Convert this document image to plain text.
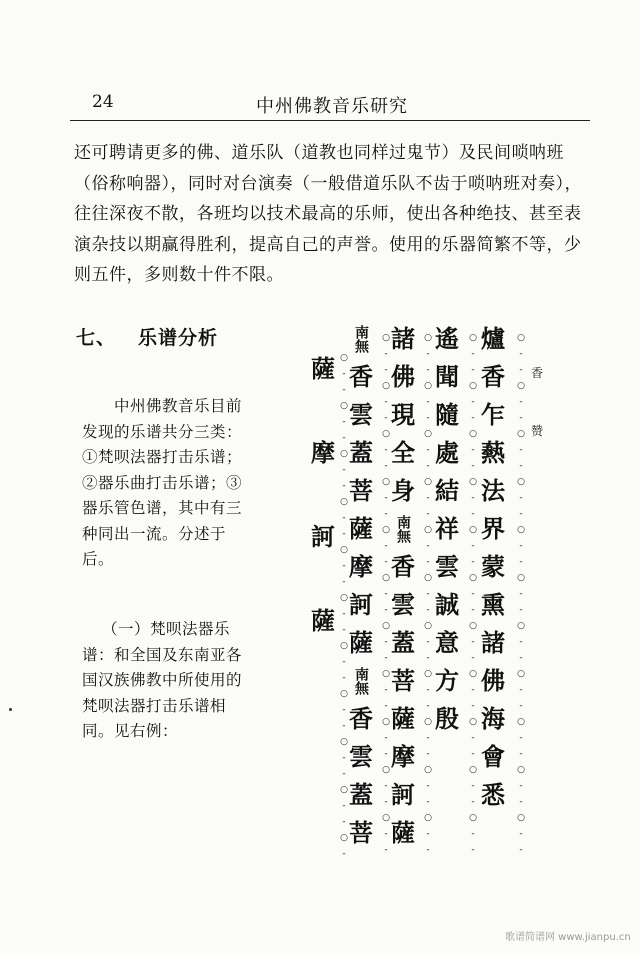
24	中州佛教音乐研究

还可聘请更多的佛、道乐队（道教也同样过鬼节）及民间唢呐班（俗称响器），同时对台演奏（一般借道乐队不齿于唢呐班对奏），往往深夜不散，各班均以技术最高的乐师，使出各种绝技、甚至表演杂技以期赢得胜利，提高自己的声誉。使用的乐器简繁不等，少则五件，多则数十件不限。

七、 乐谱分析
中州佛教音乐目前发现的乐谱共分三类：①梵呗法器打击乐谱；②器乐曲打击乐谱；③器乐管色谱，其中有三种同出一流。分述于后。
（一）梵呗法器乐谱：和全国及东南亚各国汉族佛教中所使用的梵呗法器打击乐谱相同。见右例：
香
赞
爐
香
乍
爇
法
界
蒙
熏
諸
佛
海
會
悉
遙
聞
隨
處
結
祥
雲
誠
意
方
殷
諸
佛
現
全
身
南無
香
雲
蓋
菩
薩
摩
訶
薩
南無
香
雲
蓋
菩
薩
摩
訶
薩
南無
香
雲
蓋
菩
薩
摩
訶
薩
○
-
-
○
-
-
○
-
-
○
-
-
○
-
-
○
-
-
○
-
-
○
-
-
○
-
-
○
-
-
○
-
-
○
-
-
○
-
-
○
-
-
○
-
-
○
-
-
○
-
-
○
-
-
○
-
-
○
-
-
○
-
-
○
-
-
○
-
-
○
-
-
○
-
-
○
-
-
○
-
-
○
-
-
○
-
-
○
-
-
○
-
-
○
-
-
○
-
-
○
-
-
○
-
-
○
-
-
○
-
-
○
-
-
○
-
-
○
-
-
○
-
-
○
-
-
○
-
-
○
-
-
○
-
-
○
-
-
○
-
-
○
-
-
○
-
-
○
-
-
○
-
-
○
-
-
○
-
-
○
-
-
○
-
歌谱简谱网 www.jianpu.cn
